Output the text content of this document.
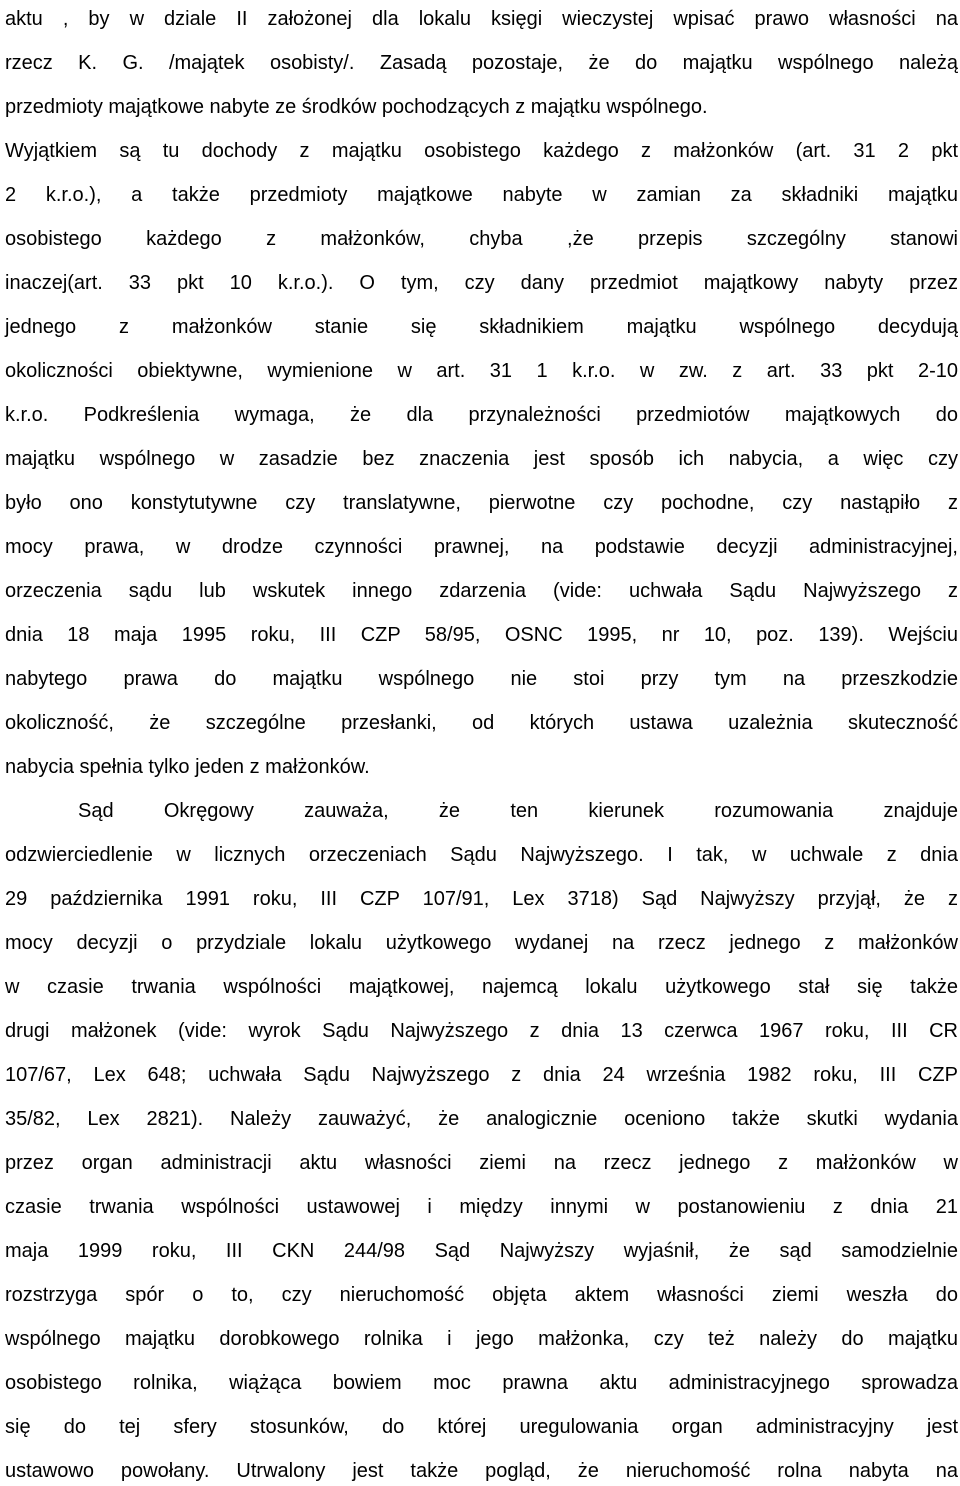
aktu , by w dziale II założonej dla lokalu księgi wieczystej wpisać prawo własności na
rzecz K. G. /majątek osobisty/. Zasadą pozostaje, że do majątku wspólnego należą
przedmioty majątkowe nabyte ze środków pochodzących z majątku wspólnego.
Wyjątkiem są tu dochody z majątku osobistego każdego z małżonków (art. 31 2 pkt
2 k.r.o.), a także przedmioty majątkowe nabyte w zamian za składniki majątku
osobistego każdego z małżonków, chyba ,że przepis szczególny stanowi
inaczej(art. 33 pkt 10 k.r.o.). O tym, czy dany przedmiot majątkowy nabyty przez
jednego z małżonków stanie się składnikiem majątku wspólnego decydują
okoliczności obiektywne, wymienione w art. 31 1 k.r.o. w zw. z art. 33 pkt 2-10
k.r.o. Podkreślenia wymaga, że dla przynależności przedmiotów majątkowych do
majątku wspólnego w zasadzie bez znaczenia jest sposób ich nabycia, a więc czy
było ono konstytutywne czy translatywne, pierwotne czy pochodne, czy nastąpiło z
mocy prawa, w drodze czynności prawnej, na podstawie decyzji administracyjnej,
orzeczenia sądu lub wskutek innego zdarzenia (vide: uchwała Sądu Najwyższego z
dnia 18 maja 1995 roku, III CZP 58/95, OSNC 1995, nr 10, poz. 139). Wejściu
nabytego prawa do majątku wspólnego nie stoi przy tym na przeszkodzie
okoliczność, że szczególne przesłanki, od których ustawa uzależnia skuteczność
nabycia spełnia tylko jeden z małżonków.
Sąd Okręgowy zauważa, że ten kierunek rozumowania znajduje
odzwierciedlenie w licznych orzeczeniach Sądu Najwyższego. I tak, w uchwale z dnia
29 października 1991 roku, III CZP 107/91, Lex 3718) Sąd Najwyższy przyjął, że z
mocy decyzji o przydziale lokalu użytkowego wydanej na rzecz jednego z małżonków
w czasie trwania wspólności majątkowej, najemcą lokalu użytkowego stał się także
drugi małżonek (vide: wyrok Sądu Najwyższego z dnia 13 czerwca 1967 roku, III CR
107/67, Lex 648; uchwała Sądu Najwyższego z dnia 24 września 1982 roku, III CZP
35/82, Lex 2821). Należy zauważyć, że analogicznie oceniono także skutki wydania
przez organ administracji aktu własności ziemi na rzecz jednego z małżonków w
czasie trwania wspólności ustawowej i między innymi w postanowieniu z dnia 21
maja 1999 roku, III CKN 244/98 Sąd Najwyższy wyjaśnił, że sąd samodzielnie
rozstrzyga spór o to, czy nieruchomość objęta aktem własności ziemi weszła do
wspólnego majątku dorobkowego rolnika i jego małżonka, czy też należy do majątku
osobistego rolnika, wiążąca bowiem moc prawna aktu administracyjnego sprowadza
się do tej sfery stosunków, do której uregulowania organ administracyjny jest
ustawowo powołany. Utrwalony jest także pogląd, że nieruchomość rolna nabyta na
